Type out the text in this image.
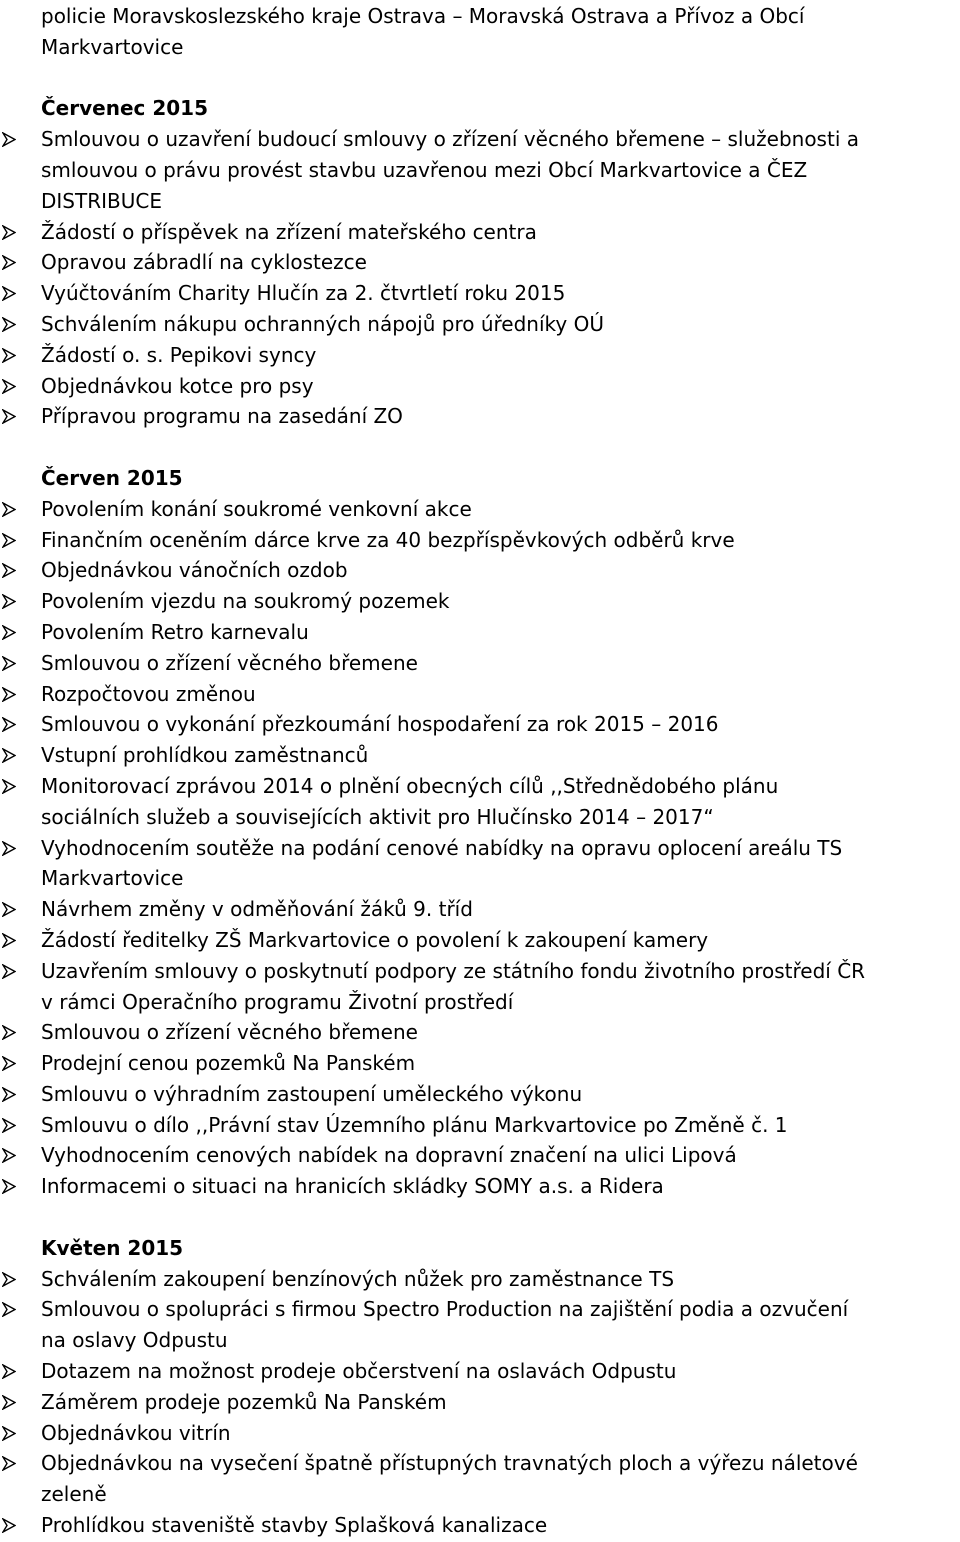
policie Moravskoslezského kraje Ostrava – Moravská Ostrava a Přívoz a Obcí
Markvartovice
Červenec 2015
Smlouvou o uzavření budoucí smlouvy o zřízení věcného břemene – služebnosti a
smlouvou o právu provést stavbu uzavřenou mezi Obcí Markvartovice a ČEZ
DISTRIBUCE
Žádostí o příspěvek na zřízení mateřského centra
Opravou zábradlí na cyklostezce
Vyúčtováním Charity Hlučín za 2. čtvrtletí roku 2015
Schválením nákupu ochranných nápojů pro úředníky OÚ
Žádostí o. s. Pepikovi syncy
Objednávkou kotce pro psy
Přípravou programu na zasedání ZO
Červen 2015
Povolením konání soukromé venkovní akce
Finančním oceněním dárce krve za 40 bezpříspěvkových odběrů krve
Objednávkou vánočních ozdob
Povolením vjezdu na soukromý pozemek
Povolením Retro karnevalu
Smlouvou o zřízení věcného břemene
Rozpočtovou změnou
Smlouvou o vykonání přezkoumání hospodaření za rok 2015 – 2016
Vstupní prohlídkou zaměstnanců
Monitorovací zprávou 2014 o plnění obecných cílů ,,Střednědobého plánu
sociálních služeb a souvisejících aktivit pro Hlučínsko 2014 – 2017“
Vyhodnocením soutěže na podání cenové nabídky na opravu oplocení areálu TS
Markvartovice
Návrhem změny v odměňování žáků 9. tříd
Žádostí ředitelky ZŠ Markvartovice o povolení k zakoupení kamery
Uzavřením smlouvy o poskytnutí podpory ze státního fondu životního prostředí ČR
v rámci Operačního programu Životní prostředí
Smlouvou o zřízení věcného břemene
Prodejní cenou pozemků Na Panském
Smlouvu o výhradním zastoupení uměleckého výkonu
Smlouvu o dílo ,,Právní stav Územního plánu Markvartovice po Změně č. 1
Vyhodnocením cenových nabídek na dopravní značení na ulici Lipová
Informacemi o situaci na hranicích skládky SOMY a.s. a Ridera
Květen 2015
Schválením zakoupení benzínových nůžek pro zaměstnance TS
Smlouvou o spolupráci s firmou Spectro Production na zajištění podia a ozvučení
na oslavy Odpustu
Dotazem na možnost prodeje občerstvení na oslavách Odpustu
Záměrem prodeje pozemků Na Panském
Objednávkou vitrín
Objednávkou na vysečení špatně přístupných travnatých ploch a výřezu náletové
zeleně
Prohlídkou staveniště stavby Splašková kanalizace
